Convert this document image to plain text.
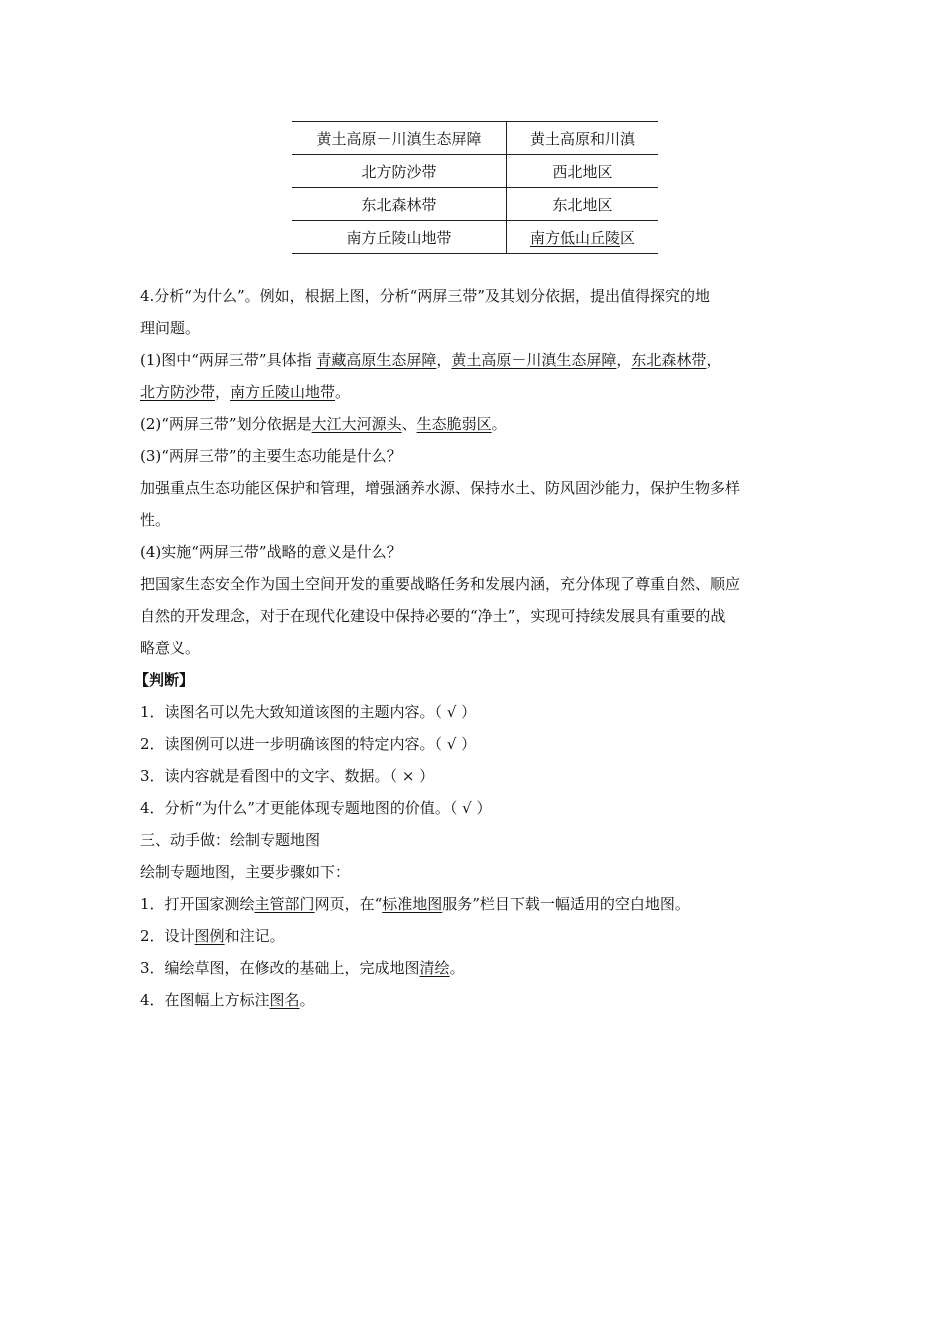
黄土高原－川滇生态屏障	黄土高原和川滇
北方防沙带	西北地区
东北森林带	东北地区
南方丘陵山地带	南方低山丘陵区
4.分析“为什么”。例如，根据上图，分析“两屏三带”及其划分依据，提出值得探究的地
理问题。
(1)图中“两屏三带”具体指 青藏高原生态屏障，黄土高原－川滇生态屏障，东北森林带，
北方防沙带，南方丘陵山地带。
(2)“两屏三带”划分依据是大江大河源头、生态脆弱区。
(3)“两屏三带”的主要生态功能是什么？
加强重点生态功能区保护和管理，增强涵养水源、保持水土、防风固沙能力，保护生物多样
性。
(4)实施“两屏三带”战略的意义是什么？
把国家生态安全作为国土空间开发的重要战略任务和发展内涵，充分体现了尊重自然、顺应
自然的开发理念，对于在现代化建设中保持必要的“净土”，实现可持续发展具有重要的战
略意义。
【判断】
1．读图名可以先大致知道该图的主题内容。（ √ ）
2．读图例可以进一步明确该图的特定内容。（ √ ）
3．读内容就是看图中的文字、数据。（ × ）
4．分析“为什么”才更能体现专题地图的价值。（ √ ）
三、动手做：绘制专题地图
绘制专题地图，主要步骤如下：
1．打开国家测绘主管部门网页，在“标准地图服务”栏目下载一幅适用的空白地图。
2．设计图例和注记。
3．编绘草图，在修改的基础上，完成地图清绘。
4．在图幅上方标注图名。
